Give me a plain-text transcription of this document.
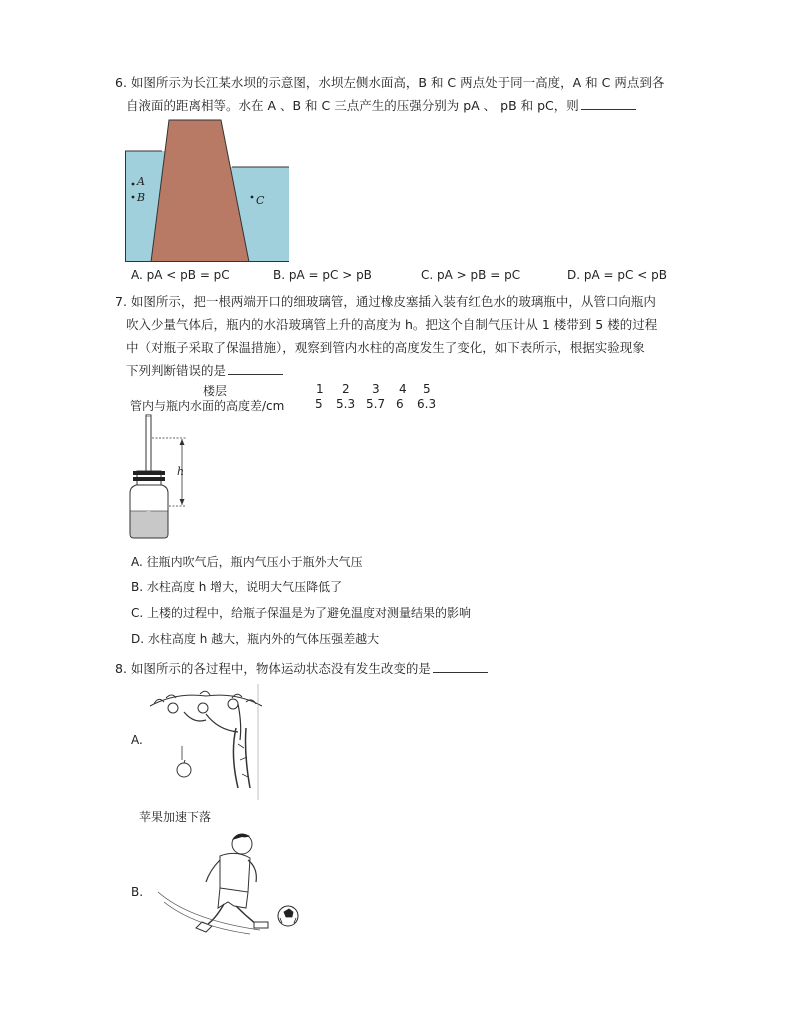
6. 如图所示为长江某水坝的示意图，水坝左侧水面高，B 和 C 两点处于同一高度，A 和 C 两点到各
自液面的距离相等。水在 A 、B 和 C 三点产生的压强分别为 pA 、 pB 和 pC，则
A
B	C
A. pA < pB = pC	B. pA = pC > pB	C. pA > pB = pC	D. pA = pC < pB
7. 如图所示，把一根两端开口的细玻璃管，通过橡皮塞插入装有红色水的玻璃瓶中，从管口向瓶内
吹入少量气体后，瓶内的水沿玻璃管上升的高度为 h。把这个自制气压计从 1 楼带到 5 楼的过程
中（对瓶子采取了保温措施），观察到管内水柱的高度发生了变化，如下表所示，根据实验现象
下列判断错误的是
楼层	1 2 3 4 5
管内与瓶内水面的高度差/cm	5 5.3 5.7 6 6.3
h
A. 往瓶内吹气后，瓶内气压小于瓶外大气压
B. 水柱高度 h 增大，说明大气压降低了
C. 上楼的过程中，给瓶子保温是为了避免温度对测量结果的影响
D. 水柱高度 h 越大，瓶内外的气体压强差越大
8. 如图所示的各过程中，物体运动状态没有发生改变的是
A.
苹果加速下落
B.
